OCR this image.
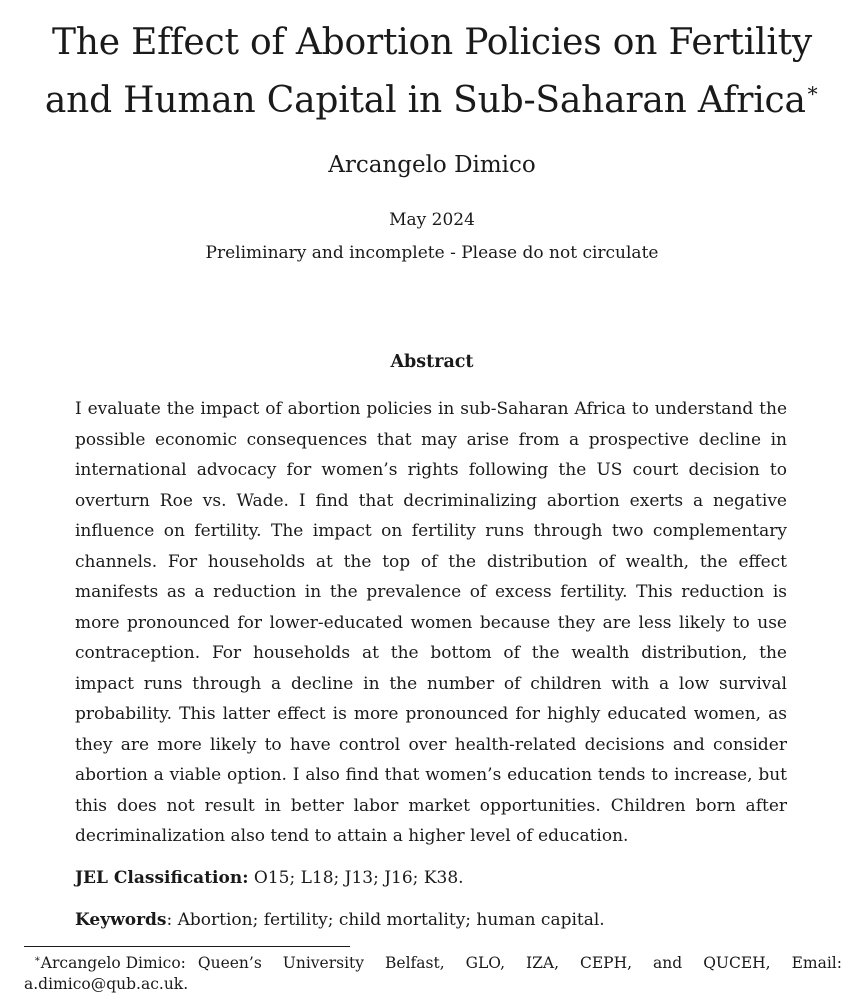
The Effect of Abortion Policies on Fertility and Human Capital in Sub-Saharan Africa∗
Arcangelo Dimico
May 2024
Preliminary and incomplete - Please do not circulate
Abstract

I evaluate the impact of abortion policies in sub-Saharan Africa to understand the possible economic consequences that may arise from a prospective decline in international advocacy for women’s rights following the US court decision to overturn Roe vs. Wade. I find that decriminalizing abortion exerts a negative influence on fertility. The impact on fertility runs through two complementary channels. For households at the top of the distribution of wealth, the effect manifests as a reduction in the prevalence of excess fertility. This reduction is more pronounced for lower-educated women because they are less likely to use contraception. For households at the bottom of the wealth distribution, the impact runs through a decline in the number of children with a low survival probability. This latter effect is more pronounced for highly educated women, as they are more likely to have control over health-related decisions and consider abortion a viable option. I also find that women’s education tends to increase, but this does not result in better labor market opportunities. Children born after decriminalization also tend to attain a higher level of education.

JEL Classification: O15; L18; J13; J16; K38.
Keywords: Abortion; fertility; child mortality; human capital.
∗Arcangelo Dimico: Queen’s University Belfast, GLO, IZA, CEPH, and QUCEH, Email:
a.dimico@qub.ac.uk.
